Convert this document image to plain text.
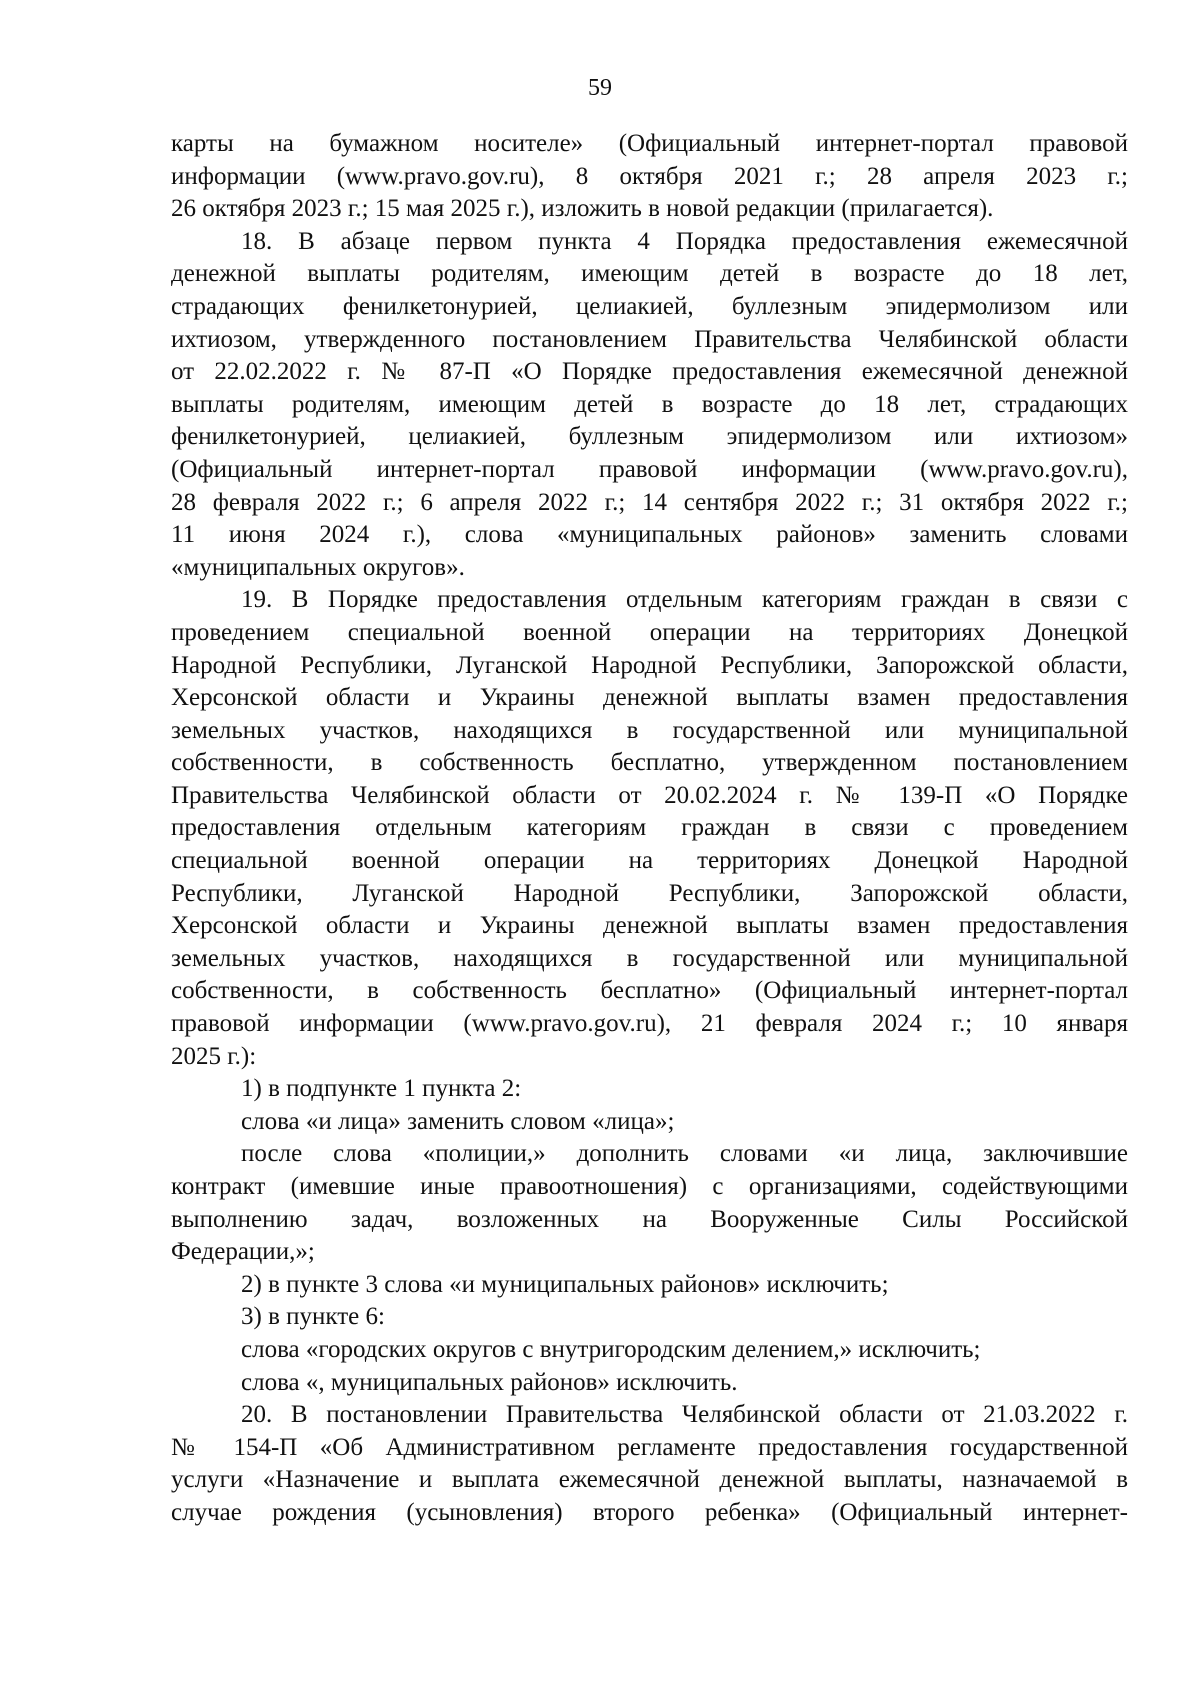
59
карты на бумажном носителе» (Официальный интернет-портал правовой
информации (www.pravo.gov.ru), 8 октября 2021 г.; 28 апреля 2023 г.;
26 октября 2023 г.; 15 мая 2025 г.), изложить в новой редакции (прилагается).
18. В абзаце первом пункта 4 Порядка предоставления ежемесячной
денежной выплаты родителям, имеющим детей в возрасте до 18 лет,
страдающих фенилкетонурией, целиакией, буллезным эпидермолизом или
ихтиозом, утвержденного постановлением Правительства Челябинской области
от 22.02.2022 г. № 87-П «О Порядке предоставления ежемесячной денежной
выплаты родителям, имеющим детей в возрасте до 18 лет, страдающих
фенилкетонурией, целиакией, буллезным эпидермолизом или ихтиозом»
(Официальный интернет-портал правовой информации (www.pravo.gov.ru),
28 февраля 2022 г.; 6 апреля 2022 г.; 14 сентября 2022 г.; 31 октября 2022 г.;
11 июня 2024 г.), слова «муниципальных районов» заменить словами
«муниципальных округов».
19. В Порядке предоставления отдельным категориям граждан в связи с
проведением специальной военной операции на территориях Донецкой
Народной Республики, Луганской Народной Республики, Запорожской области,
Херсонской области и Украины денежной выплаты взамен предоставления
земельных участков, находящихся в государственной или муниципальной
собственности, в собственность бесплатно, утвержденном постановлением
Правительства Челябинской области от 20.02.2024 г. № 139-П «О Порядке
предоставления отдельным категориям граждан в связи с проведением
специальной военной операции на территориях Донецкой Народной
Республики, Луганской Народной Республики, Запорожской области,
Херсонской области и Украины денежной выплаты взамен предоставления
земельных участков, находящихся в государственной или муниципальной
собственности, в собственность бесплатно» (Официальный интернет-портал
правовой информации (www.pravo.gov.ru), 21 февраля 2024 г.; 10 января
2025 г.):
1) в подпункте 1 пункта 2:
слова «и лица» заменить словом «лица»;
после слова «полиции,» дополнить словами «и лица, заключившие
контракт (имевшие иные правоотношения) с организациями, содействующими
выполнению задач, возложенных на Вооруженные Силы Российской
Федерации,»;
2) в пункте 3 слова «и муниципальных районов» исключить;
3) в пункте 6:
слова «городских округов с внутригородским делением,» исключить;
слова «, муниципальных районов» исключить.
20. В постановлении Правительства Челябинской области от 21.03.2022 г.
№ 154-П «Об Административном регламенте предоставления государственной
услуги «Назначение и выплата ежемесячной денежной выплаты, назначаемой в
случае рождения (усыновления) второго ребенка» (Официальный интернет-
